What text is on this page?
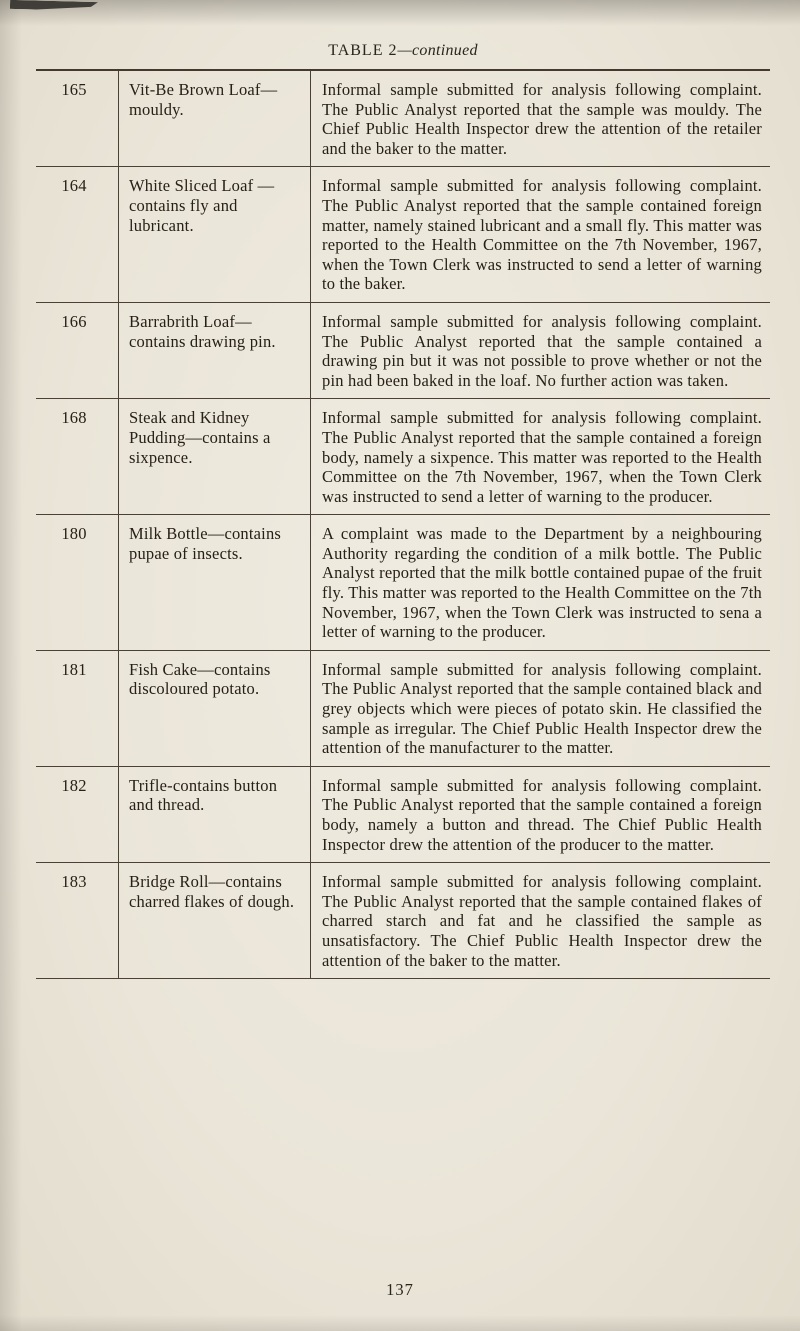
TABLE 2—continued
165	Vit-Be Brown Loaf—mouldy.	Informal sample submitted for analysis following complaint. The Public Analyst reported that the sample was mouldy. The Chief Public Health Inspector drew the attention of the retailer and the baker to the matter.
164	White Sliced Loaf —contains fly and lubricant.	Informal sample submitted for analysis following complaint. The Public Analyst reported that the sample contained foreign matter, namely stained lubricant and a small fly. This matter was reported to the Health Committee on the 7th November, 1967, when the Town Clerk was instructed to send a letter of warning to the baker.
166	Barrabrith Loaf— contains drawing pin.	Informal sample submitted for analysis following complaint. The Public Analyst reported that the sample contained a drawing pin but it was not possible to prove whether or not the pin had been baked in the loaf. No further action was taken.
168	Steak and Kidney Pudding—contains a sixpence.	Informal sample submitted for analysis following complaint. The Public Analyst reported that the sample contained a foreign body, namely a sixpence. This matter was reported to the Health Committee on the 7th November, 1967, when the Town Clerk was instructed to send a letter of warning to the producer.
180	Milk Bottle—contains pupae of insects.	A complaint was made to the Department by a neighbouring Authority regarding the condition of a milk bottle. The Public Analyst reported that the milk bottle contained pupae of the fruit fly. This matter was reported to the Health Committee on the 7th November, 1967, when the Town Clerk was instructed to sena a letter of warning to the producer.
181	Fish Cake—contains discoloured potato.	Informal sample submitted for analysis following complaint. The Public Analyst reported that the sample contained black and grey objects which were pieces of potato skin. He classified the sample as irregular. The Chief Public Health Inspector drew the attention of the manufacturer to the matter.
182	Trifle-contains button and thread.	Informal sample submitted for analysis following complaint. The Public Analyst reported that the sample contained a foreign body, namely a button and thread. The Chief Public Health Inspector drew the attention of the producer to the matter.
183	Bridge Roll—contains charred flakes of dough.	Informal sample submitted for analysis following complaint. The Public Analyst reported that the sample contained flakes of charred starch and fat and he classified the sample as unsatisfactory. The Chief Public Health Inspector drew the attention of the baker to the matter.
137
